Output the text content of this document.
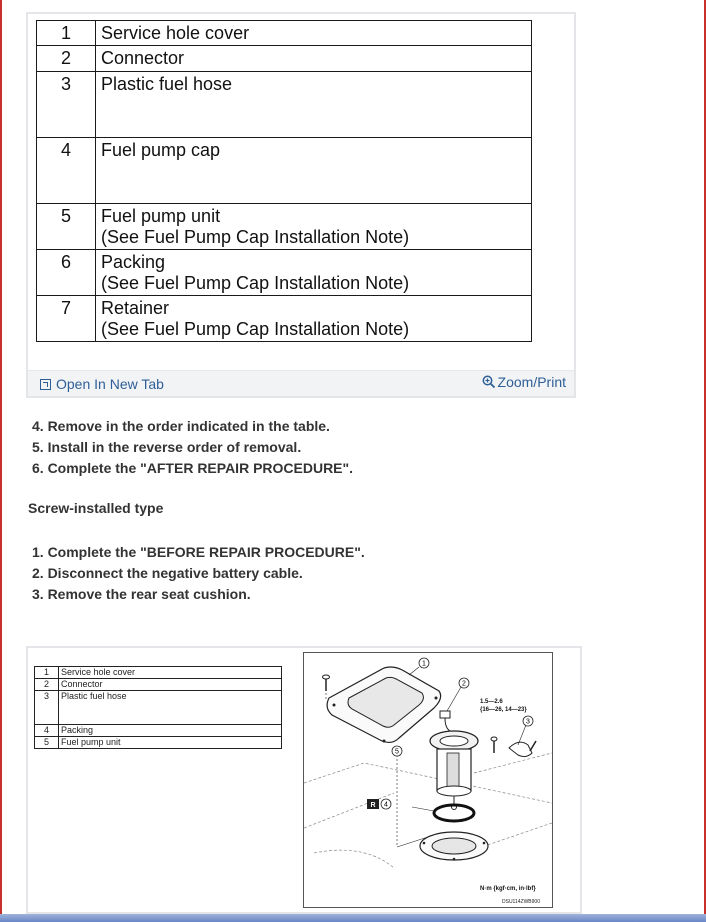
1	Service hole cover
2	Connector
3	Plastic fuel hose
4	Fuel pump cap
5	Fuel pump unit
(See Fuel Pump Cap Installation Note)
6	Packing
(See Fuel Pump Cap Installation Note)
7	Retainer
(See Fuel Pump Cap Installation Note)
Open In New Tab	Zoom/Print
4. Remove in the order indicated in the table.
5. Install in the reverse order of removal.
6. Complete the "AFTER REPAIR PROCEDURE".
Screw-installed type
1. Complete the "BEFORE REPAIR PROCEDURE".
2. Disconnect the negative battery cable.
3. Remove the rear seat cushion.
1	Service hole cover
2	Connector
3	Plastic fuel hose
4	Packing
5	Fuel pump unit
1
2
3
R 4
5
1.5—2.6
{16—26, 14—23}
N·m {kgf·cm, in·lbf}
DSU114ZWB900
